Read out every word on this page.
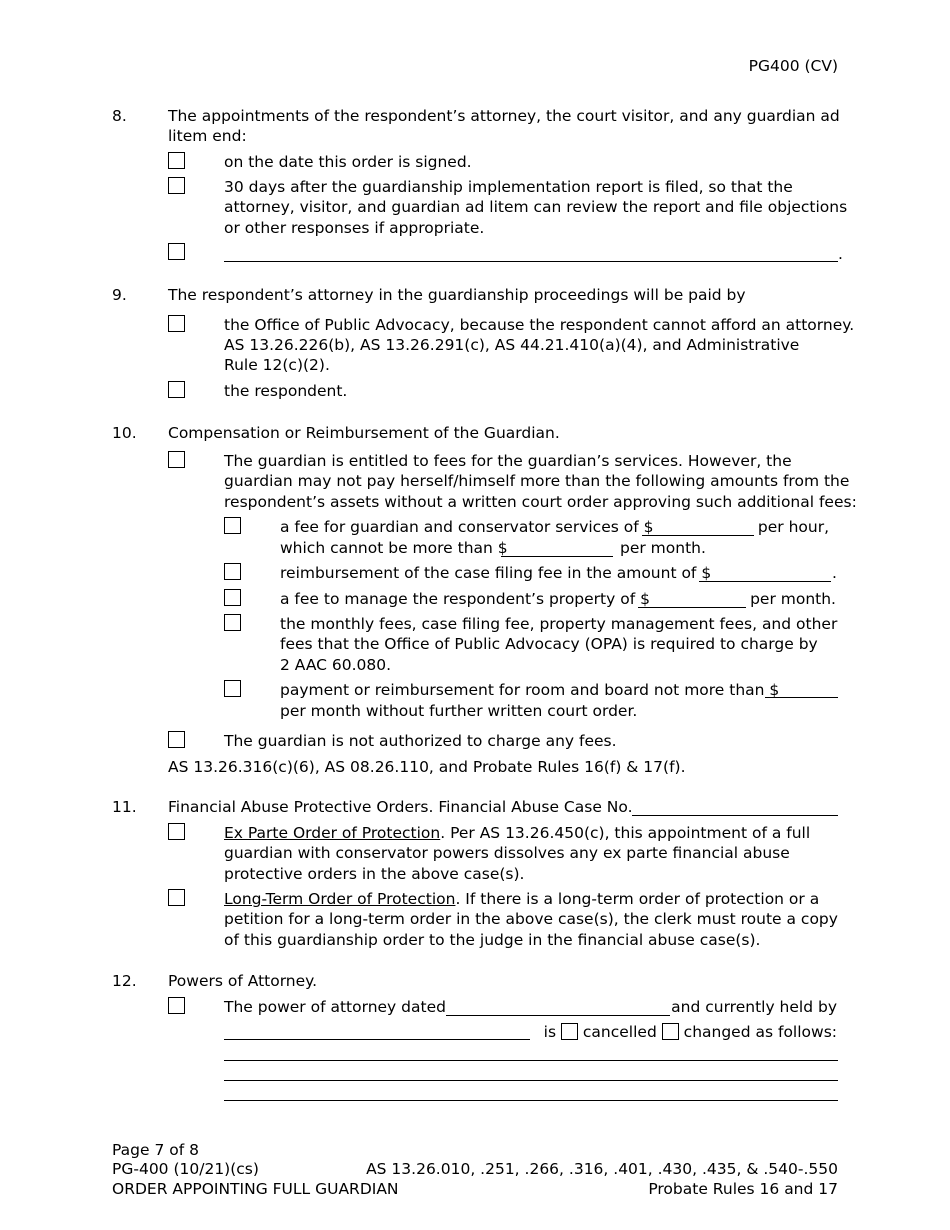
PG400 (CV)
8.	The appointments of the respondent’s attorney, the court visitor, and any guardian ad
litem end:
on the date this order is signed.
30 days after the guardianship implementation report is filed, so that the
attorney, visitor, and guardian ad litem can review the report and file objections
or other responses if appropriate.
.
9.	The respondent’s attorney in the guardianship proceedings will be paid by
the Office of Public Advocacy, because the respondent cannot afford an attorney.
AS 13.26.226(b), AS 13.26.291(c), AS 44.21.410(a)(4), and Administrative
Rule 12(c)(2).
the respondent.
10. Compensation or Reimbursement of the Guardian.
The guardian is entitled to fees for the guardian’s services. However, the
guardian may not pay herself/himself more than the following amounts from the
respondent’s assets without a written court order approving such additional fees:
a fee for guardian and conservator services of $	per hour,
which cannot be more than $	per month.
reimbursement of the case filing fee in the amount of $	.
a fee to manage the respondent’s property of $	per month.
the monthly fees, case filing fee, property management fees, and other
fees that the Office of Public Advocacy (OPA) is required to charge by
2 AAC 60.080.
payment or reimbursement for room and board not more than $
per month without further written court order.
The guardian is not authorized to charge any fees.
AS 13.26.316(c)(6), AS 08.26.110, and Probate Rules 16(f) & 17(f).
11. Financial Abuse Protective Orders. Financial Abuse Case No.
Ex Parte Order of Protection. Per AS 13.26.450(c), this appointment of a full
guardian with conservator powers dissolves any ex parte financial abuse
protective orders in the above case(s).
Long-Term Order of Protection. If there is a long-term order of protection or a
petition for a long-term order in the above case(s), the clerk must route a copy
of this guardianship order to the judge in the financial abuse case(s).
12. Powers of Attorney.
The power of attorney dated	and currently held by
is cancelled changed as follows:
Page 7 of 8
PG-400 (10/21)(cs)
ORDER APPOINTING FULL GUARDIAN
AS 13.26.010, .251, .266, .316, .401, .430, .435, & .540-.550
Probate Rules 16 and 17
